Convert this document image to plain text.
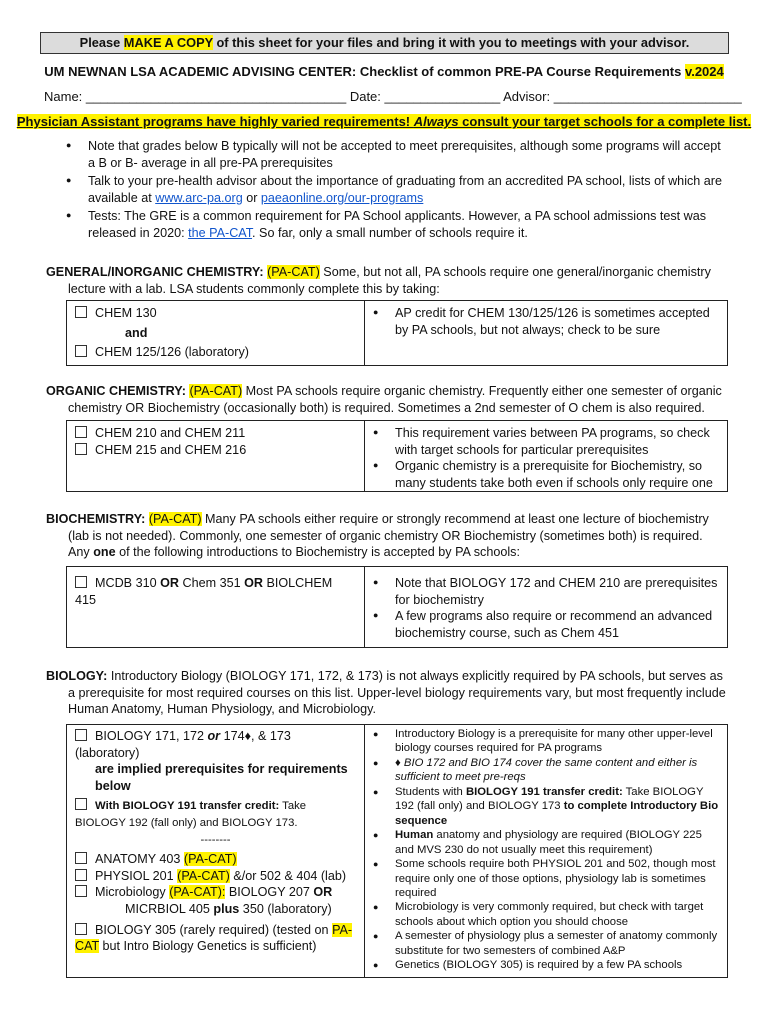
Please MAKE A COPY of this sheet for your files and bring it with you to meetings with your advisor.
UM NEWNAN LSA ACADEMIC ADVISING CENTER: Checklist of common PRE-PA Course Requirements v.2024
Name: ____________________________________ Date: ________________ Advisor: __________________________
Physician Assistant programs have highly varied requirements! Always consult your target schools for a complete list.
● Note that grades below B typically will not be accepted to meet prerequisites, although some programs will accept a B or B- average in all pre-PA prerequisites
● Talk to your pre-health advisor about the importance of graduating from an accredited PA school, lists of which are available at www.arc-pa.org or paeaonline.org/our-programs
● Tests: The GRE is a common requirement for PA School applicants. However, a PA school admissions test was released in 2020: the PA-CAT. So far, only a small number of schools require it.

GENERAL/INORGANIC CHEMISTRY: (PA-CAT) Some, but not all, PA schools require one general/inorganic chemistry lecture with a lab. LSA students commonly complete this by taking:

CHEM 130
and
CHEM 125/126 (laboratory)
● AP credit for CHEM 130/125/126 is sometimes accepted by PA schools, but not always; check to be sure

ORGANIC CHEMISTRY: (PA-CAT) Most PA schools require organic chemistry. Frequently either one semester of organic chemistry OR Biochemistry (occasionally both) is required. Sometimes a 2nd semester of O chem is also required.

CHEM 210 and CHEM 211
CHEM 215 and CHEM 216
● This requirement varies between PA programs, so check with target schools for particular prerequisites
● Organic chemistry is a prerequisite for Biochemistry, so many students take both even if schools only require one

BIOCHEMISTRY: (PA-CAT) Many PA schools either require or strongly recommend at least one lecture of biochemistry (lab is not needed). Commonly, one semester of organic chemistry OR Biochemistry (sometimes both) is required. Any one of the following introductions to Biochemistry is accepted by PA schools:

MCDB 310 OR Chem 351 OR BIOLCHEM 415
● Note that BIOLOGY 172 and CHEM 210 are prerequisites for biochemistry
● A few programs also require or recommend an advanced biochemistry course, such as Chem 451

BIOLOGY: Introductory Biology (BIOLOGY 171, 172, & 173) is not always explicitly required by PA schools, but serves as a prerequisite for most required courses on this list. Upper-level biology requirements vary, but most frequently include Human Anatomy, Human Physiology, and Microbiology.

BIOLOGY 171, 172 or 174♦, & 173 (laboratory)
are implied prerequisites for requirements below
With BIOLOGY 191 transfer credit: Take BIOLOGY 192 (fall only) and BIOLOGY 173.
--------
ANATOMY 403 (PA-CAT)
PHYSIOL 201 (PA-CAT) &/or 502 & 404 (lab)
Microbiology (PA-CAT): BIOLOGY 207 OR
MICRBIOL 405 plus 350 (laboratory)
BIOLOGY 305 (rarely required) (tested on PA-CAT but Intro Biology Genetics is sufficient)
● Introductory Biology is a prerequisite for many other upper-level biology courses required for PA programs
● ♦ BIO 172 and BIO 174 cover the same content and either is sufficient to meet pre-reqs
● Students with BIOLOGY 191 transfer credit: Take BIOLOGY 192 (fall only) and BIOLOGY 173 to complete Introductory Bio sequence
● Human anatomy and physiology are required (BIOLOGY 225 and MVS 230 do not usually meet this requirement)
● Some schools require both PHYSIOL 201 and 502, though most require only one of those options, physiology lab is sometimes required
● Microbiology is very commonly required, but check with target schools about which option you should choose
● A semester of physiology plus a semester of anatomy commonly substitute for two semesters of combined A&P
● Genetics (BIOLOGY 305) is required by a few PA schools
